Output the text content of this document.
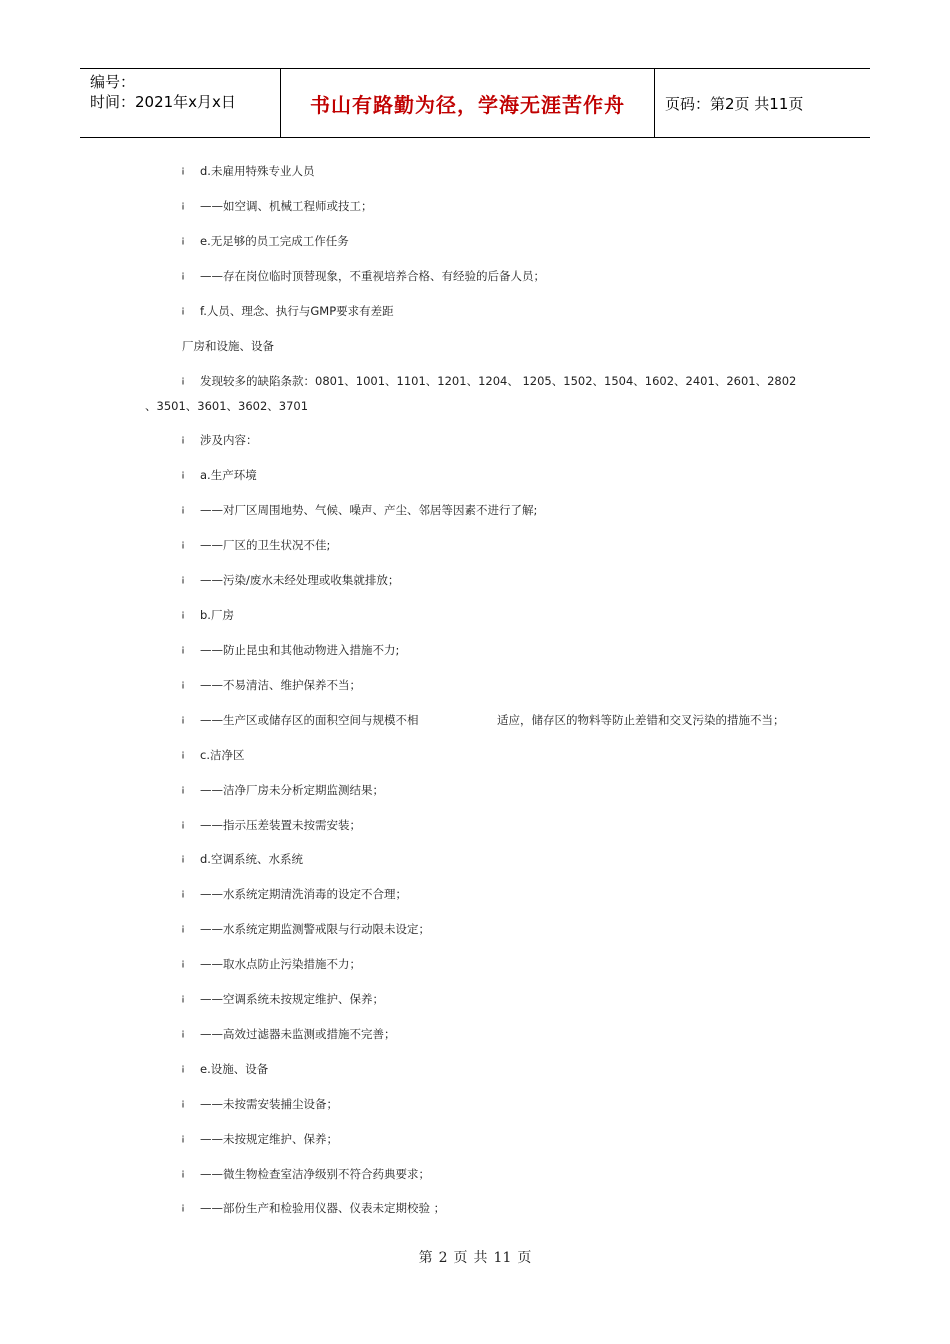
编号：
时间：2021年x月x日	书山有路勤为径，学海无涯苦作舟	页码：第2页 共11页
¡ d.未雇用特殊专业人员
¡ ——如空调、机械工程师或技工；
¡ e.无足够的员工完成工作任务
¡ ——存在岗位临时顶替现象，不重视培养合格、有经验的后备人员；
¡ f.人员、理念、执行与GMP要求有差距
厂房和设施、设备
¡ 发现较多的缺陷条款：0801、1001、1101、1201、1204、 1205、1502、1504、1602、2401、2601、2802
、3501、3601、3602、3701
¡ 涉及内容：
¡ a.生产环境
¡ ——对厂区周围地势、气候、噪声、产尘、邻居等因素不进行了解;
¡ ——厂区的卫生状况不佳;
¡ ——污染/废水未经处理或收集就排放；
¡ b.厂房
¡ ——防止昆虫和其他动物进入措施不力;
¡ ——不易清洁、维护保养不当；
¡ ——生产区或储存区的面积空间与规模不相	适应，储存区的物料等防止差错和交叉污染的措施不当；
¡ c.洁净区
¡ ——洁净厂房未分析定期监测结果；
¡ ——指示压差装置未按需安装；
¡ d.空调系统、水系统
¡ ——水系统定期清洗消毒的设定不合理；
¡ ——水系统定期监测警戒限与行动限未设定；
¡ ——取水点防止污染措施不力；
¡ ——空调系统未按规定维护、保养；
¡ ——高效过滤器未监测或措施不完善；
¡ e.设施、设备
¡ ——未按需安装捕尘设备；
¡ ——未按规定维护、保养；
¡ ——微生物检查室洁净级别不符合药典要求；
¡ ——部份生产和检验用仪器、仪表未定期校验 ；
第 2 页 共 11 页
